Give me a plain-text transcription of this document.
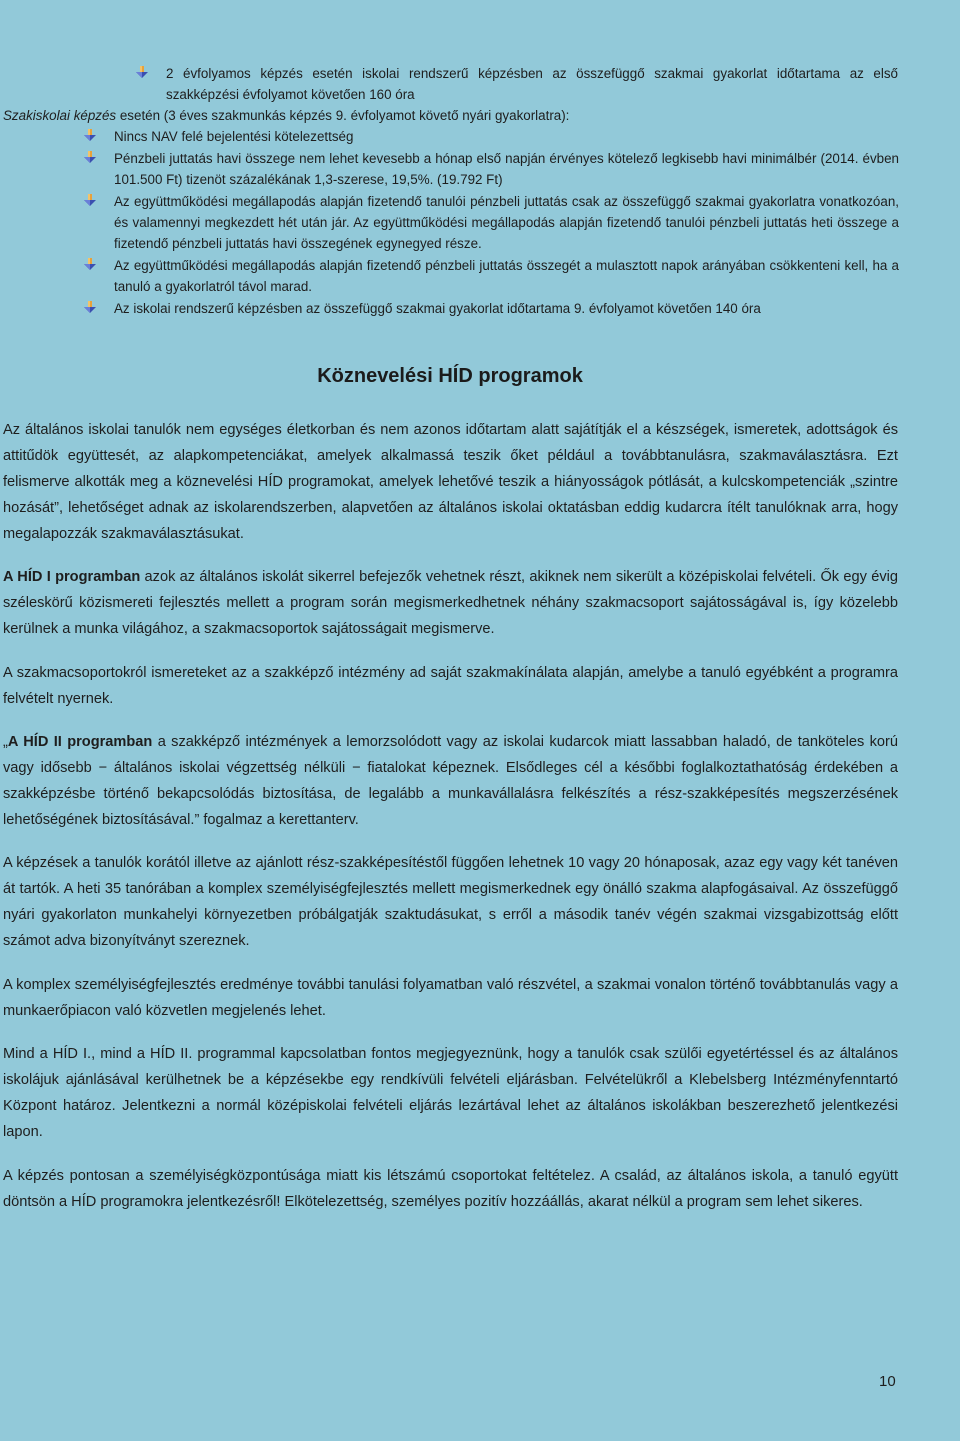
2 évfolyamos képzés esetén iskolai rendszerű képzésben az összefüggő szakmai gyakorlat időtartama az első
szakképzési évfolyamot követően 160 óra
Szakiskolai képzés esetén (3 éves szakmunkás képzés 9. évfolyamot követő nyári gyakorlatra):
Nincs NAV felé bejelentési kötelezettség
Pénzbeli juttatás havi összege nem lehet kevesebb a hónap első napján érvényes kötelező legkisebb havi minimálbér (2014. évben 101.500 Ft) tizenöt százalékának 1,3-szerese, 19,5%. (19.792 Ft)
Az együttműködési megállapodás alapján fizetendő tanulói pénzbeli juttatás csak az összefüggő szakmai gyakorlatra vonatkozóan, és valamennyi megkezdett hét után jár. Az együttműködési megállapodás alapján fizetendő tanulói pénzbeli juttatás heti összege a fizetendő pénzbeli juttatás havi összegének egynegyed része.
Az együttműködési megállapodás alapján fizetendő pénzbeli juttatás összegét a mulasztott napok arányában csökkenteni kell, ha a tanuló a gyakorlatról távol marad.
Az iskolai rendszerű képzésben az összefüggő szakmai gyakorlat időtartama 9. évfolyamot követően 140 óra
Köznevelési HÍD programok
Az általános iskolai tanulók nem egységes életkorban és nem azonos időtartam alatt sajátítják el a készségek, ismeretek, adottságok és attitűdök együttesét, az alapkompetenciákat, amelyek alkalmassá teszik őket például a továbbtanulásra, szakmaválasztásra. Ezt felismerve alkották meg a köznevelési HÍD programokat, amelyek lehetővé teszik a hiányosságok pótlását, a kulcskompetenciák „szintre hozását”, lehetőséget adnak az iskolarendszerben, alapvetően az általános iskolai oktatásban eddig kudarcra ítélt tanulóknak arra, hogy megalapozzák szakmaválasztásukat.
A HÍD I programban azok az általános iskolát sikerrel befejezők vehetnek részt, akiknek nem sikerült a középiskolai felvételi. Ők egy évig széleskörű közismereti fejlesztés mellett a program során megismerkedhetnek néhány szakmacsoport sajátosságával is, így közelebb kerülnek a munka világához, a szakmacsoportok sajátosságait megismerve.
A szakmacsoportokról ismereteket az a szakképző intézmény ad saját szakmakínálata alapján, amelybe a tanuló egyébként a programra felvételt nyernek.
„A HÍD II programban a szakképző intézmények a lemorzsolódott vagy az iskolai kudarcok miatt lassabban haladó, de tanköteles korú vagy idősebb − általános iskolai végzettség nélküli − fiatalokat képeznek. Elsődleges cél a későbbi foglalkoztathatóság érdekében a szakképzésbe történő bekapcsolódás biztosítása, de legalább a munkavállalásra felkészítés a rész-szakképesítés megszerzésének lehetőségének biztosításával.” fogalmaz a kerettanterv.
A képzések a tanulók korától illetve az ajánlott rész-szakképesítéstől függően lehetnek 10 vagy 20 hónaposak, azaz egy vagy két tanéven át tartók. A heti 35 tanórában a komplex személyiségfejlesztés mellett megismerkednek egy önálló szakma alapfogásaival. Az összefüggő nyári gyakorlaton munkahelyi környezetben próbálgatják szaktudásukat, s erről a második tanév végén szakmai vizsgabizottság előtt számot adva bizonyítványt szereznek.
A komplex személyiségfejlesztés eredménye további tanulási folyamatban való részvétel, a szakmai vonalon történő továbbtanulás vagy a munkaerőpiacon való közvetlen megjelenés lehet.
Mind a HÍD I., mind a HÍD II. programmal kapcsolatban fontos megjegyeznünk, hogy a tanulók csak szülői egyetértéssel és az általános iskolájuk ajánlásával kerülhetnek be a képzésekbe egy rendkívüli felvételi eljárásban. Felvételükről a Klebelsberg Intézményfenntartó Központ határoz. Jelentkezni a normál középiskolai felvételi eljárás lezártával lehet az általános iskolákban beszerezhető jelentkezési lapon.
A képzés pontosan a személyiségközpontúsága miatt kis létszámú csoportokat feltételez. A család, az általános iskola, a tanuló együtt döntsön a HÍD programokra jelentkezésről! Elkötelezettség, személyes pozitív hozzáállás, akarat nélkül a program sem lehet sikeres.
10
